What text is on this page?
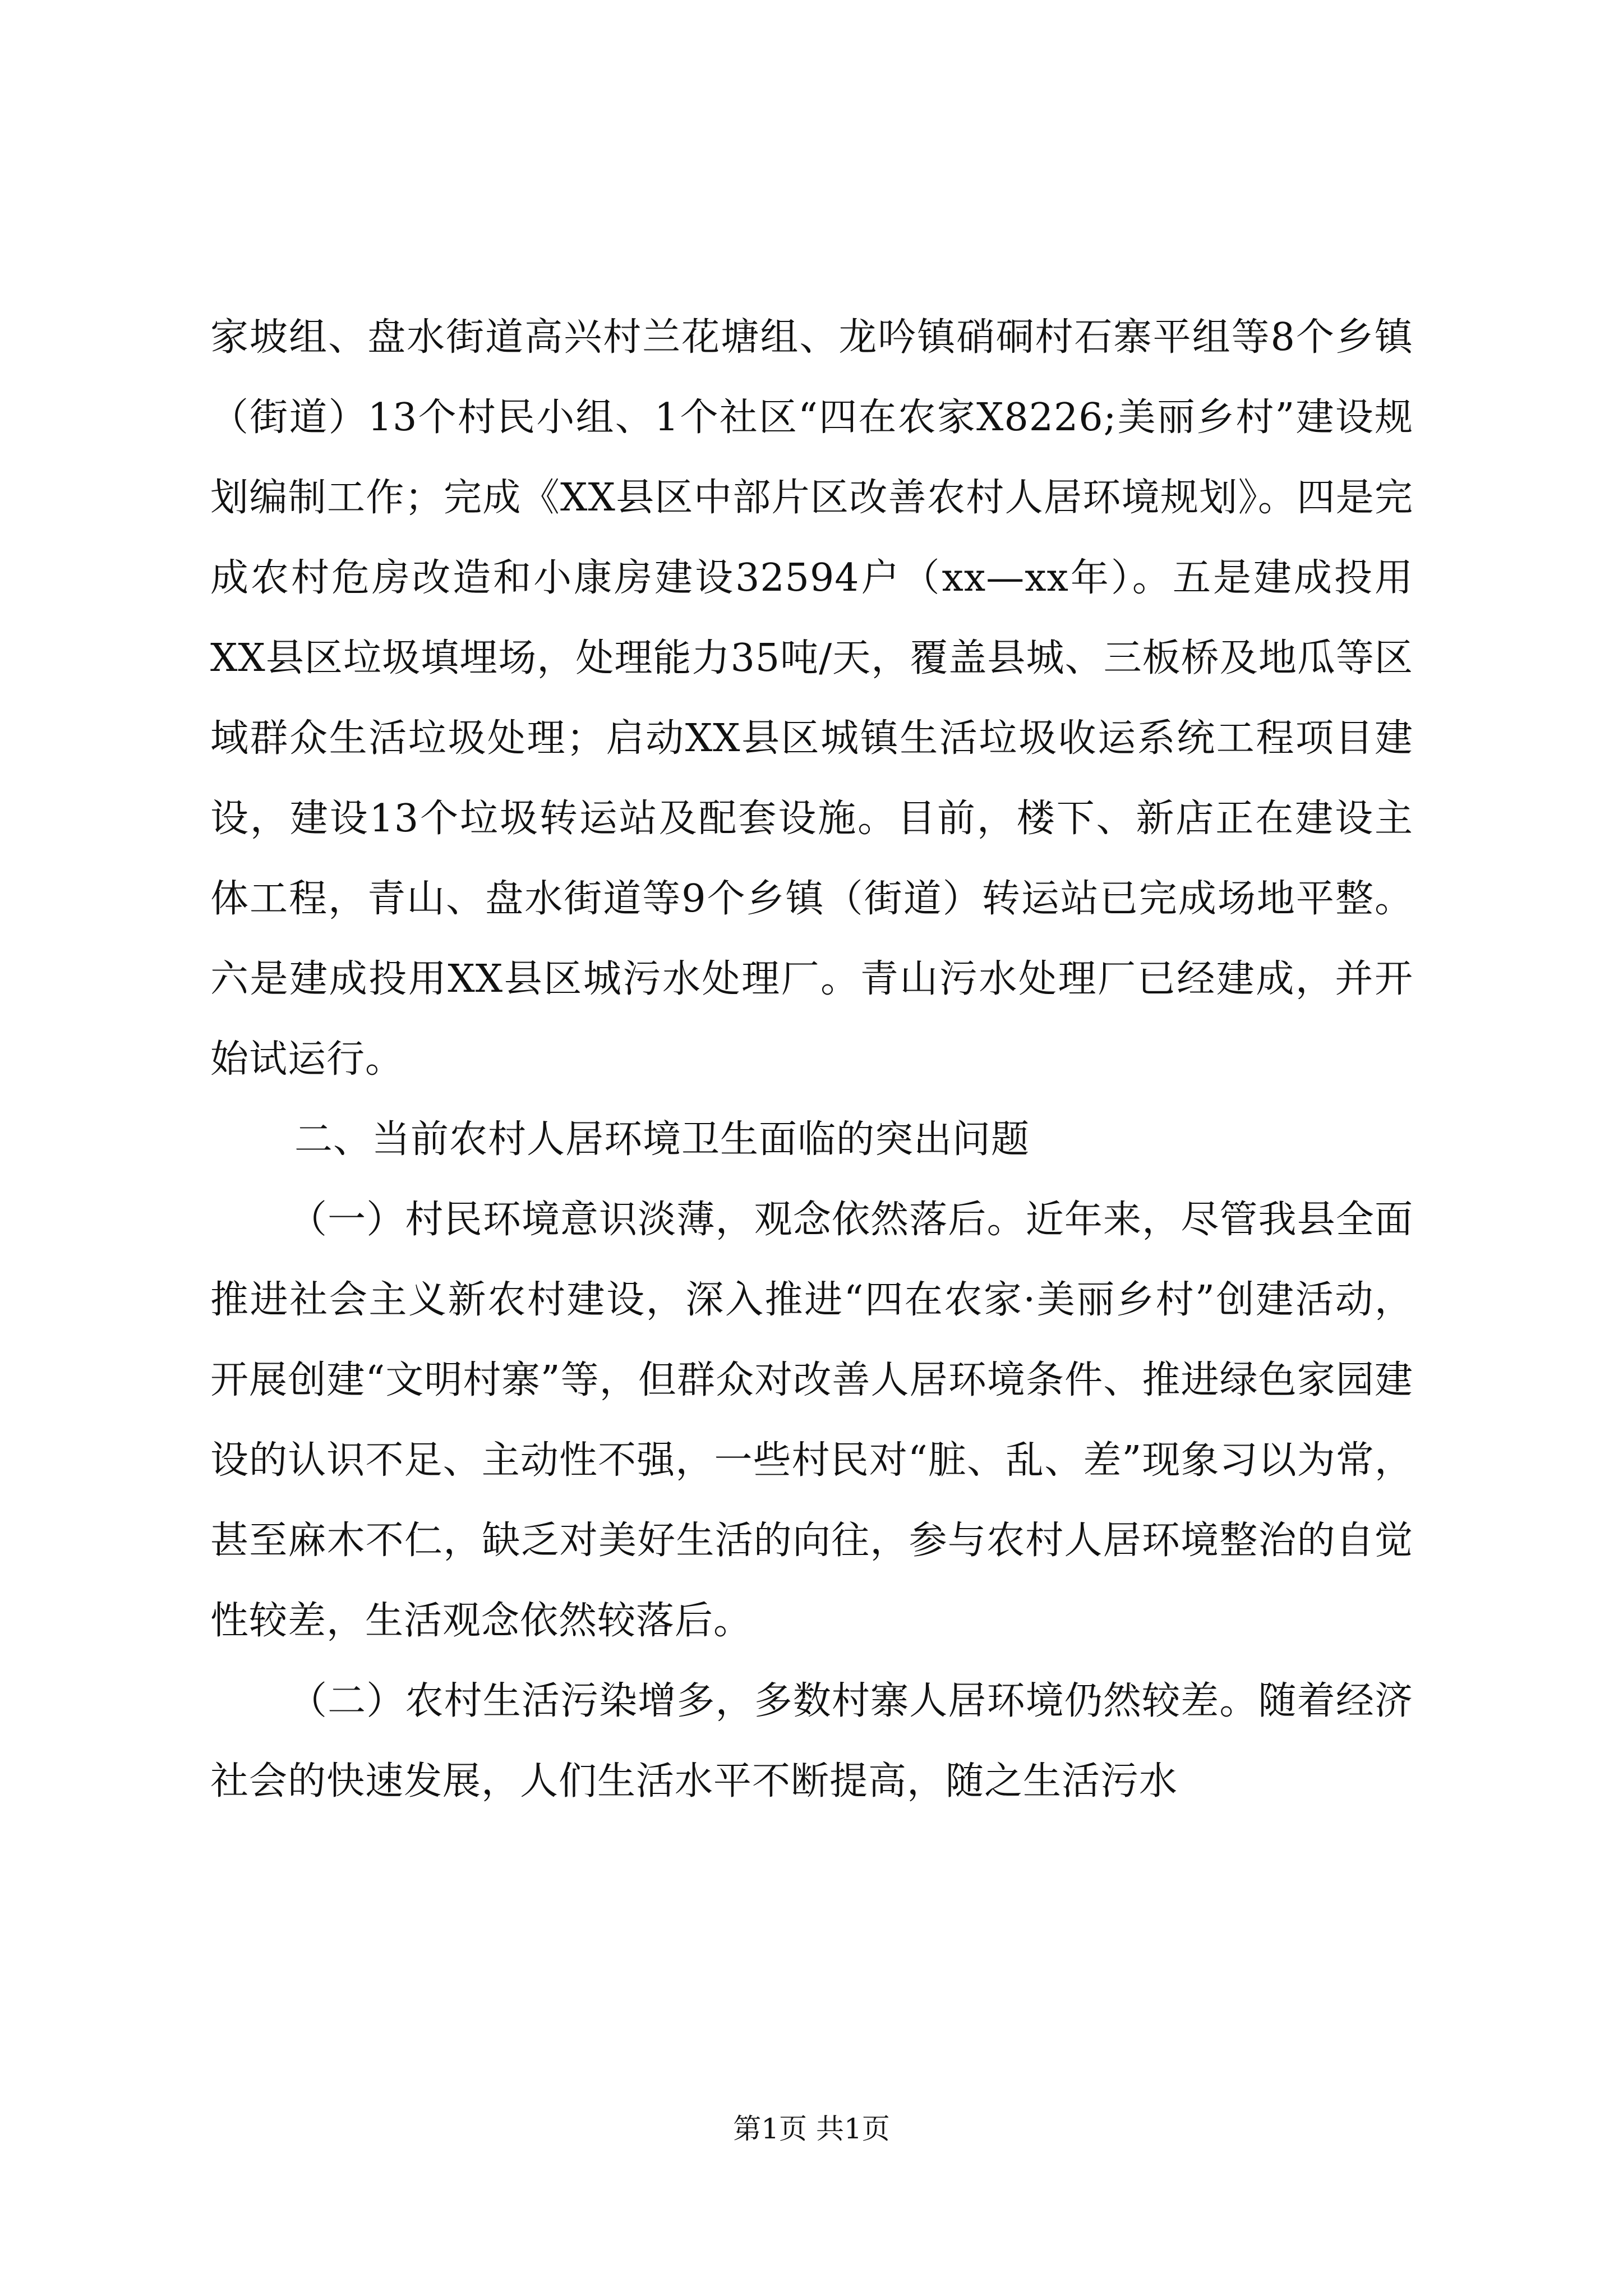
家坡组、盘水街道高兴村兰花塘组、龙吟镇硝硐村石寨平组等8个乡镇（街道）13个村民小组、1个社区“四在农家X8226;美丽乡村”建设规划编制工作；完成《XX县区中部片区改善农村人居环境规划》。四是完成农村危房改造和小康房建设32594户（xx—xx年）。五是建成投用XX县区垃圾填埋场，处理能力35吨/天，覆盖县城、三板桥及地瓜等区域群众生活垃圾处理；启动XX县区城镇生活垃圾收运系统工程项目建设，建设13个垃圾转运站及配套设施。目前，楼下、新店正在建设主体工程，青山、盘水街道等9个乡镇（街道）转运站已完成场地平整。六是建成投用XX县区城污水处理厂。青山污水处理厂已经建成，并开始试运行。

二、当前农村人居环境卫生面临的突出问题

（一）村民环境意识淡薄，观念依然落后。近年来，尽管我县全面推进社会主义新农村建设，深入推进“四在农家·美丽乡村”创建活动，开展创建“文明村寨”等，但群众对改善人居环境条件、推进绿色家园建设的认识不足、主动性不强，一些村民对“脏、乱、差”现象习以为常，甚至麻木不仁，缺乏对美好生活的向往，参与农村人居环境整治的自觉性较差，生活观念依然较落后。

（二）农村生活污染增多，多数村寨人居环境仍然较差。随着经济社会的快速发展，人们生活水平不断提高，随之生活污水

第1页 共1页
